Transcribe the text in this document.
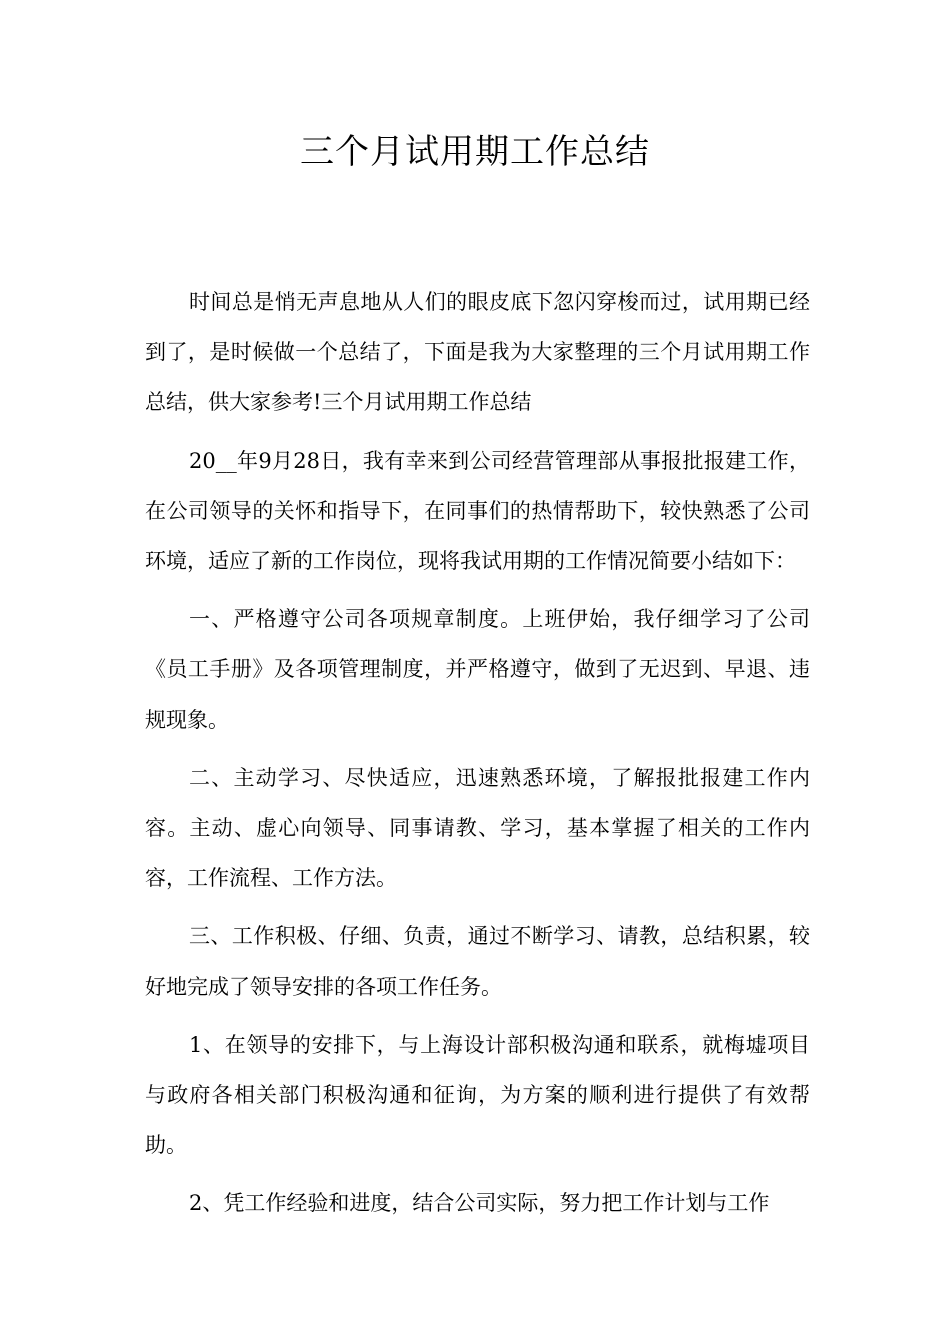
三个月试用期工作总结

时间总是悄无声息地从人们的眼皮底下忽闪穿梭而过，试用期已经到了，是时候做一个总结了，下面是我为大家整理的三个月试用期工作总结，供大家参考!三个月试用期工作总结

20__年9月28日，我有幸来到公司经营管理部从事报批报建工作，在公司领导的关怀和指导下，在同事们的热情帮助下，较快熟悉了公司环境，适应了新的工作岗位，现将我试用期的工作情况简要小结如下：

一、严格遵守公司各项规章制度。上班伊始，我仔细学习了公司《员工手册》及各项管理制度，并严格遵守，做到了无迟到、早退、违规现象。

二、主动学习、尽快适应，迅速熟悉环境，了解报批报建工作内容。主动、虚心向领导、同事请教、学习，基本掌握了相关的工作内容，工作流程、工作方法。

三、工作积极、仔细、负责，通过不断学习、请教，总结积累，较好地完成了领导安排的各项工作任务。

1、在领导的安排下，与上海设计部积极沟通和联系，就梅墟项目与政府各相关部门积极沟通和征询，为方案的顺利进行提供了有效帮助。

2、凭工作经验和进度，结合公司实际，努力把工作计划与工作
